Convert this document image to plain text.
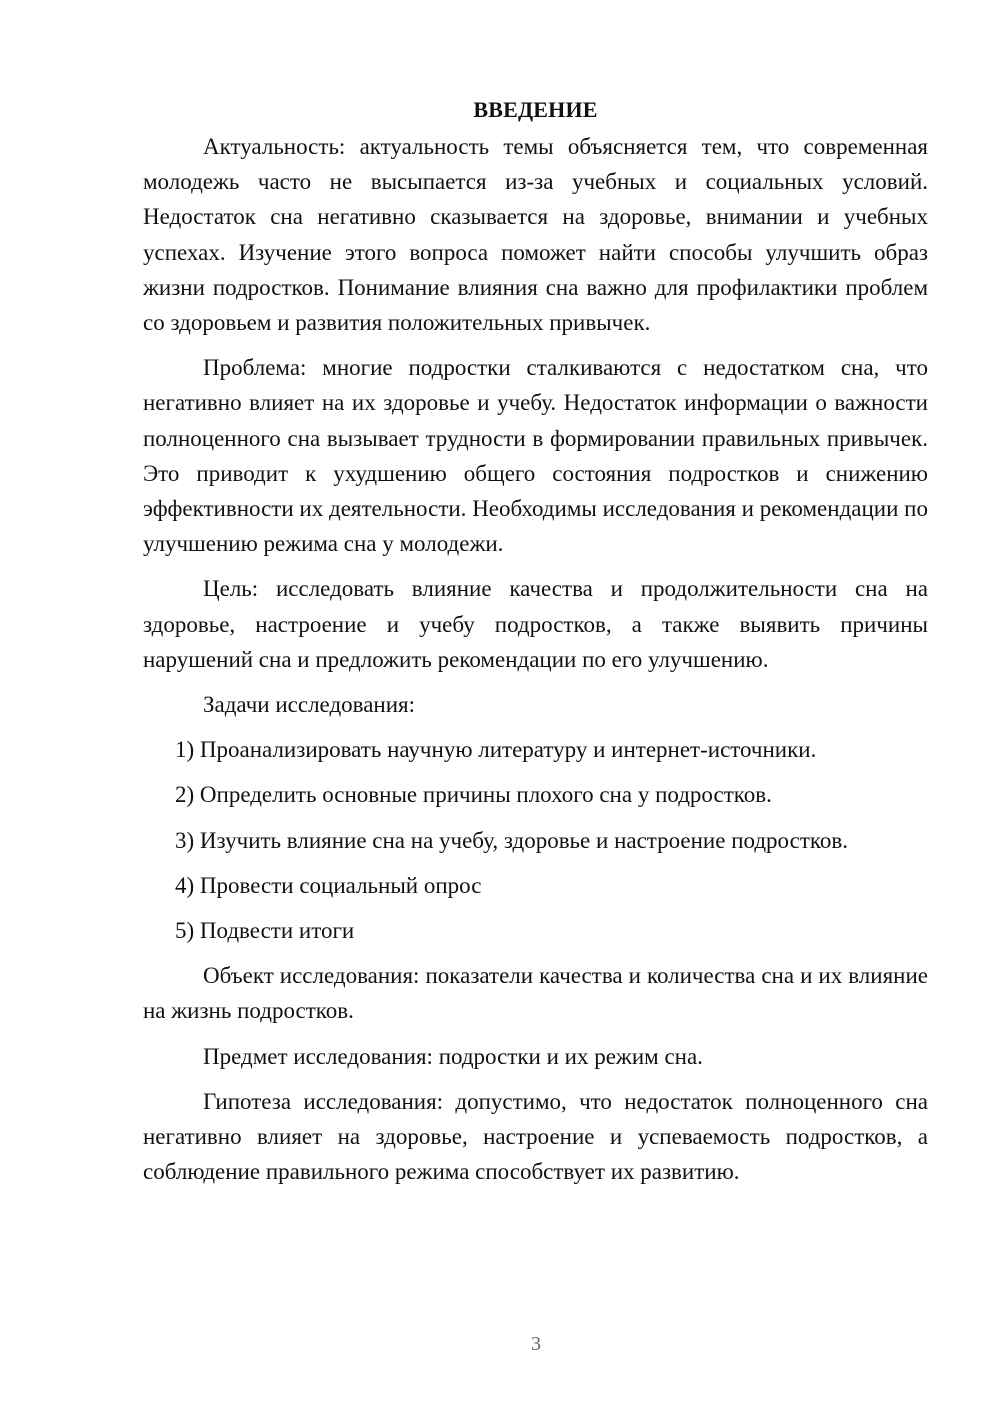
ВВЕДЕНИЕ

Актуальность: актуальность темы объясняется тем, что современная молодежь часто не высыпается из-за учебных и социальных условий. Недостаток сна негативно сказывается на здоровье, внимании и учебных успехах. Изучение этого вопроса поможет найти способы улучшить образ жизни подростков. Понимание влияния сна важно для профилактики проблем со здоровьем и развития положительных привычек.

Проблема: многие подростки сталкиваются с недостатком сна, что негативно влияет на их здоровье и учебу. Недостаток информации о важности полноценного сна вызывает трудности в формировании правильных привычек. Это приводит к ухудшению общего состояния подростков и снижению эффективности их деятельности. Необходимы исследования и рекомендации по улучшению режима сна у молодежи.

Цель: исследовать влияние качества и продолжительности сна на здоровье, настроение и учебу подростков, а также выявить причины нарушений сна и предложить рекомендации по его улучшению.

Задачи исследования:

1) Проанализировать научную литературу и интернет-источники.

2) Определить основные причины плохого сна у подростков.

3) Изучить влияние сна на учебу, здоровье и настроение подростков.

4) Провести социальный опрос

5) Подвести итоги

Объект исследования: показатели качества и количества сна и их влияние на жизнь подростков.

Предмет исследования: подростки и их режим сна.

Гипотеза исследования: допустимо, что недостаток полноценного сна негативно влияет на здоровье, настроение и успеваемость подростков, а соблюдение правильного режима способствует их развитию.

3
